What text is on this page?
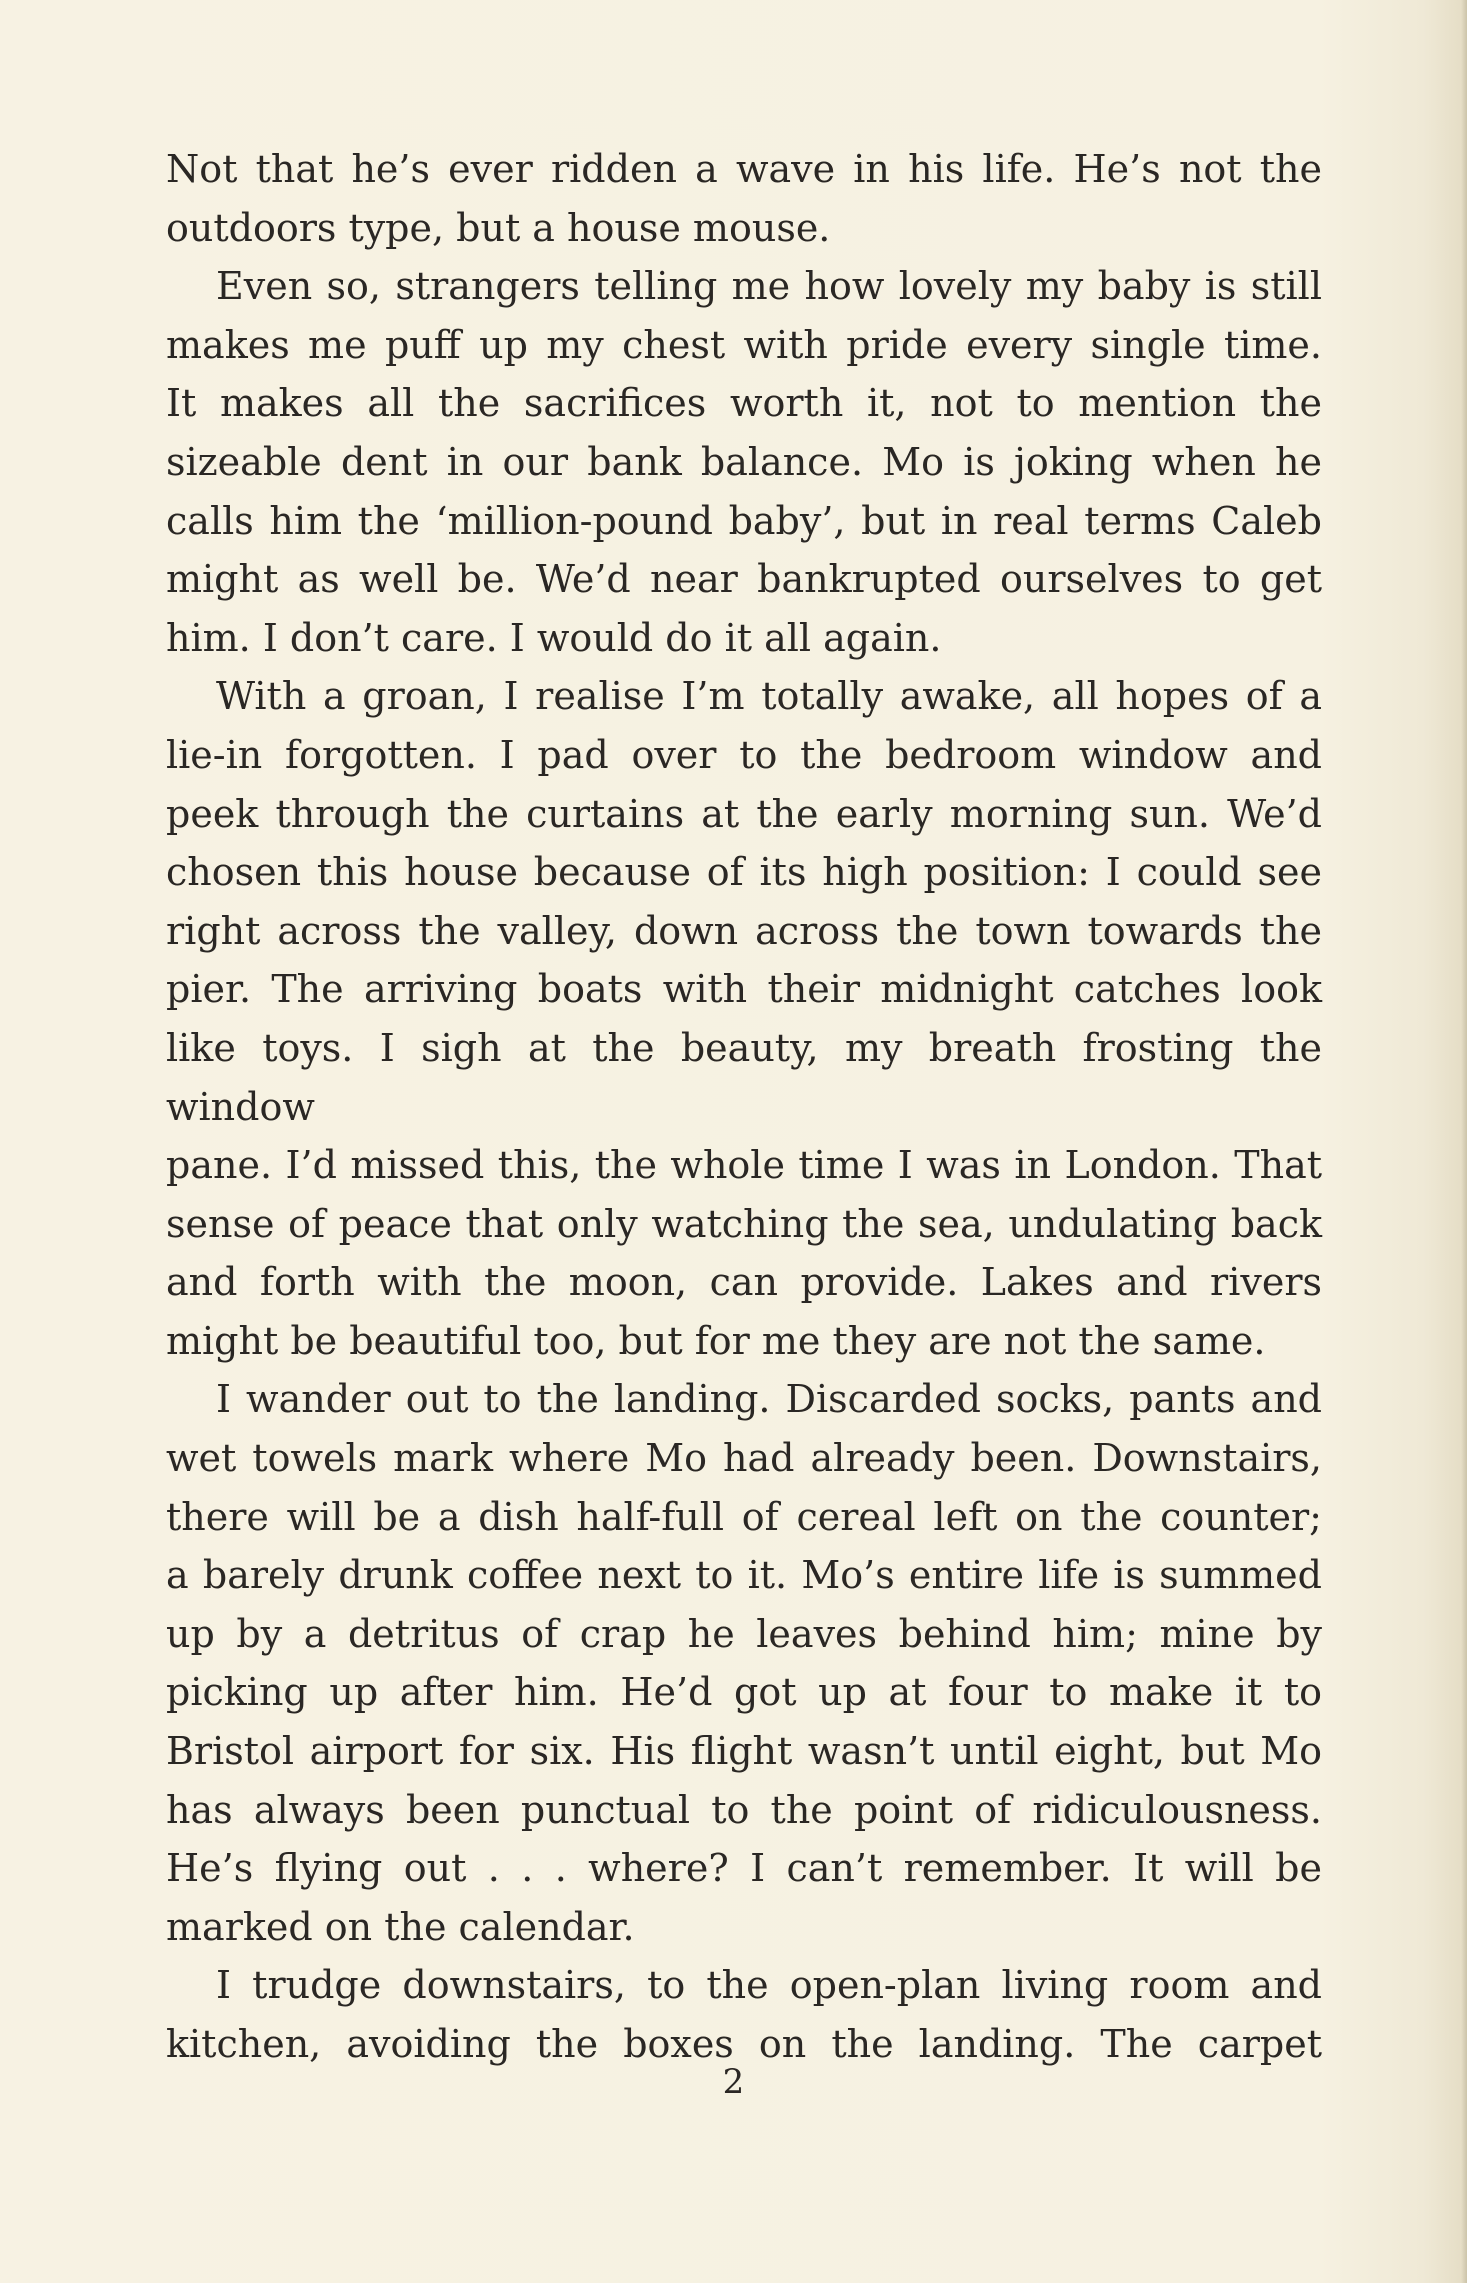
Not that he’s ever ridden a wave in his life. He’s not the
outdoors type, but a house mouse.

Even so, strangers telling me how lovely my baby is still
makes me puff up my chest with pride every single time.
It makes all the sacrifices worth it, not to mention the
sizeable dent in our bank balance. Mo is joking when he
calls him the ‘million-pound baby’, but in real terms Caleb
might as well be. We’d near bankrupted ourselves to get
him. I don’t care. I would do it all again.

With a groan, I realise I’m totally awake, all hopes of a
lie-in forgotten. I pad over to the bedroom window and
peek through the curtains at the early morning sun. We’d
chosen this house because of its high position: I could see
right across the valley, down across the town towards the
pier. The arriving boats with their midnight catches look
like toys. I sigh at the beauty, my breath frosting the window
pane. I’d missed this, the whole time I was in London. That
sense of peace that only watching the sea, undulating back
and forth with the moon, can provide. Lakes and rivers
might be beautiful too, but for me they are not the same.

I wander out to the landing. Discarded socks, pants and
wet towels mark where Mo had already been. Downstairs,
there will be a dish half-full of cereal left on the counter;
a barely drunk coffee next to it. Mo’s entire life is summed
up by a detritus of crap he leaves behind him; mine by
picking up after him. He’d got up at four to make it to
Bristol airport for six. His flight wasn’t until eight, but Mo
has always been punctual to the point of ridiculousness.
He’s flying out . . . where? I can’t remember. It will be
marked on the calendar.

I trudge downstairs, to the open-plan living room and
kitchen, avoiding the boxes on the landing. The carpet

2
